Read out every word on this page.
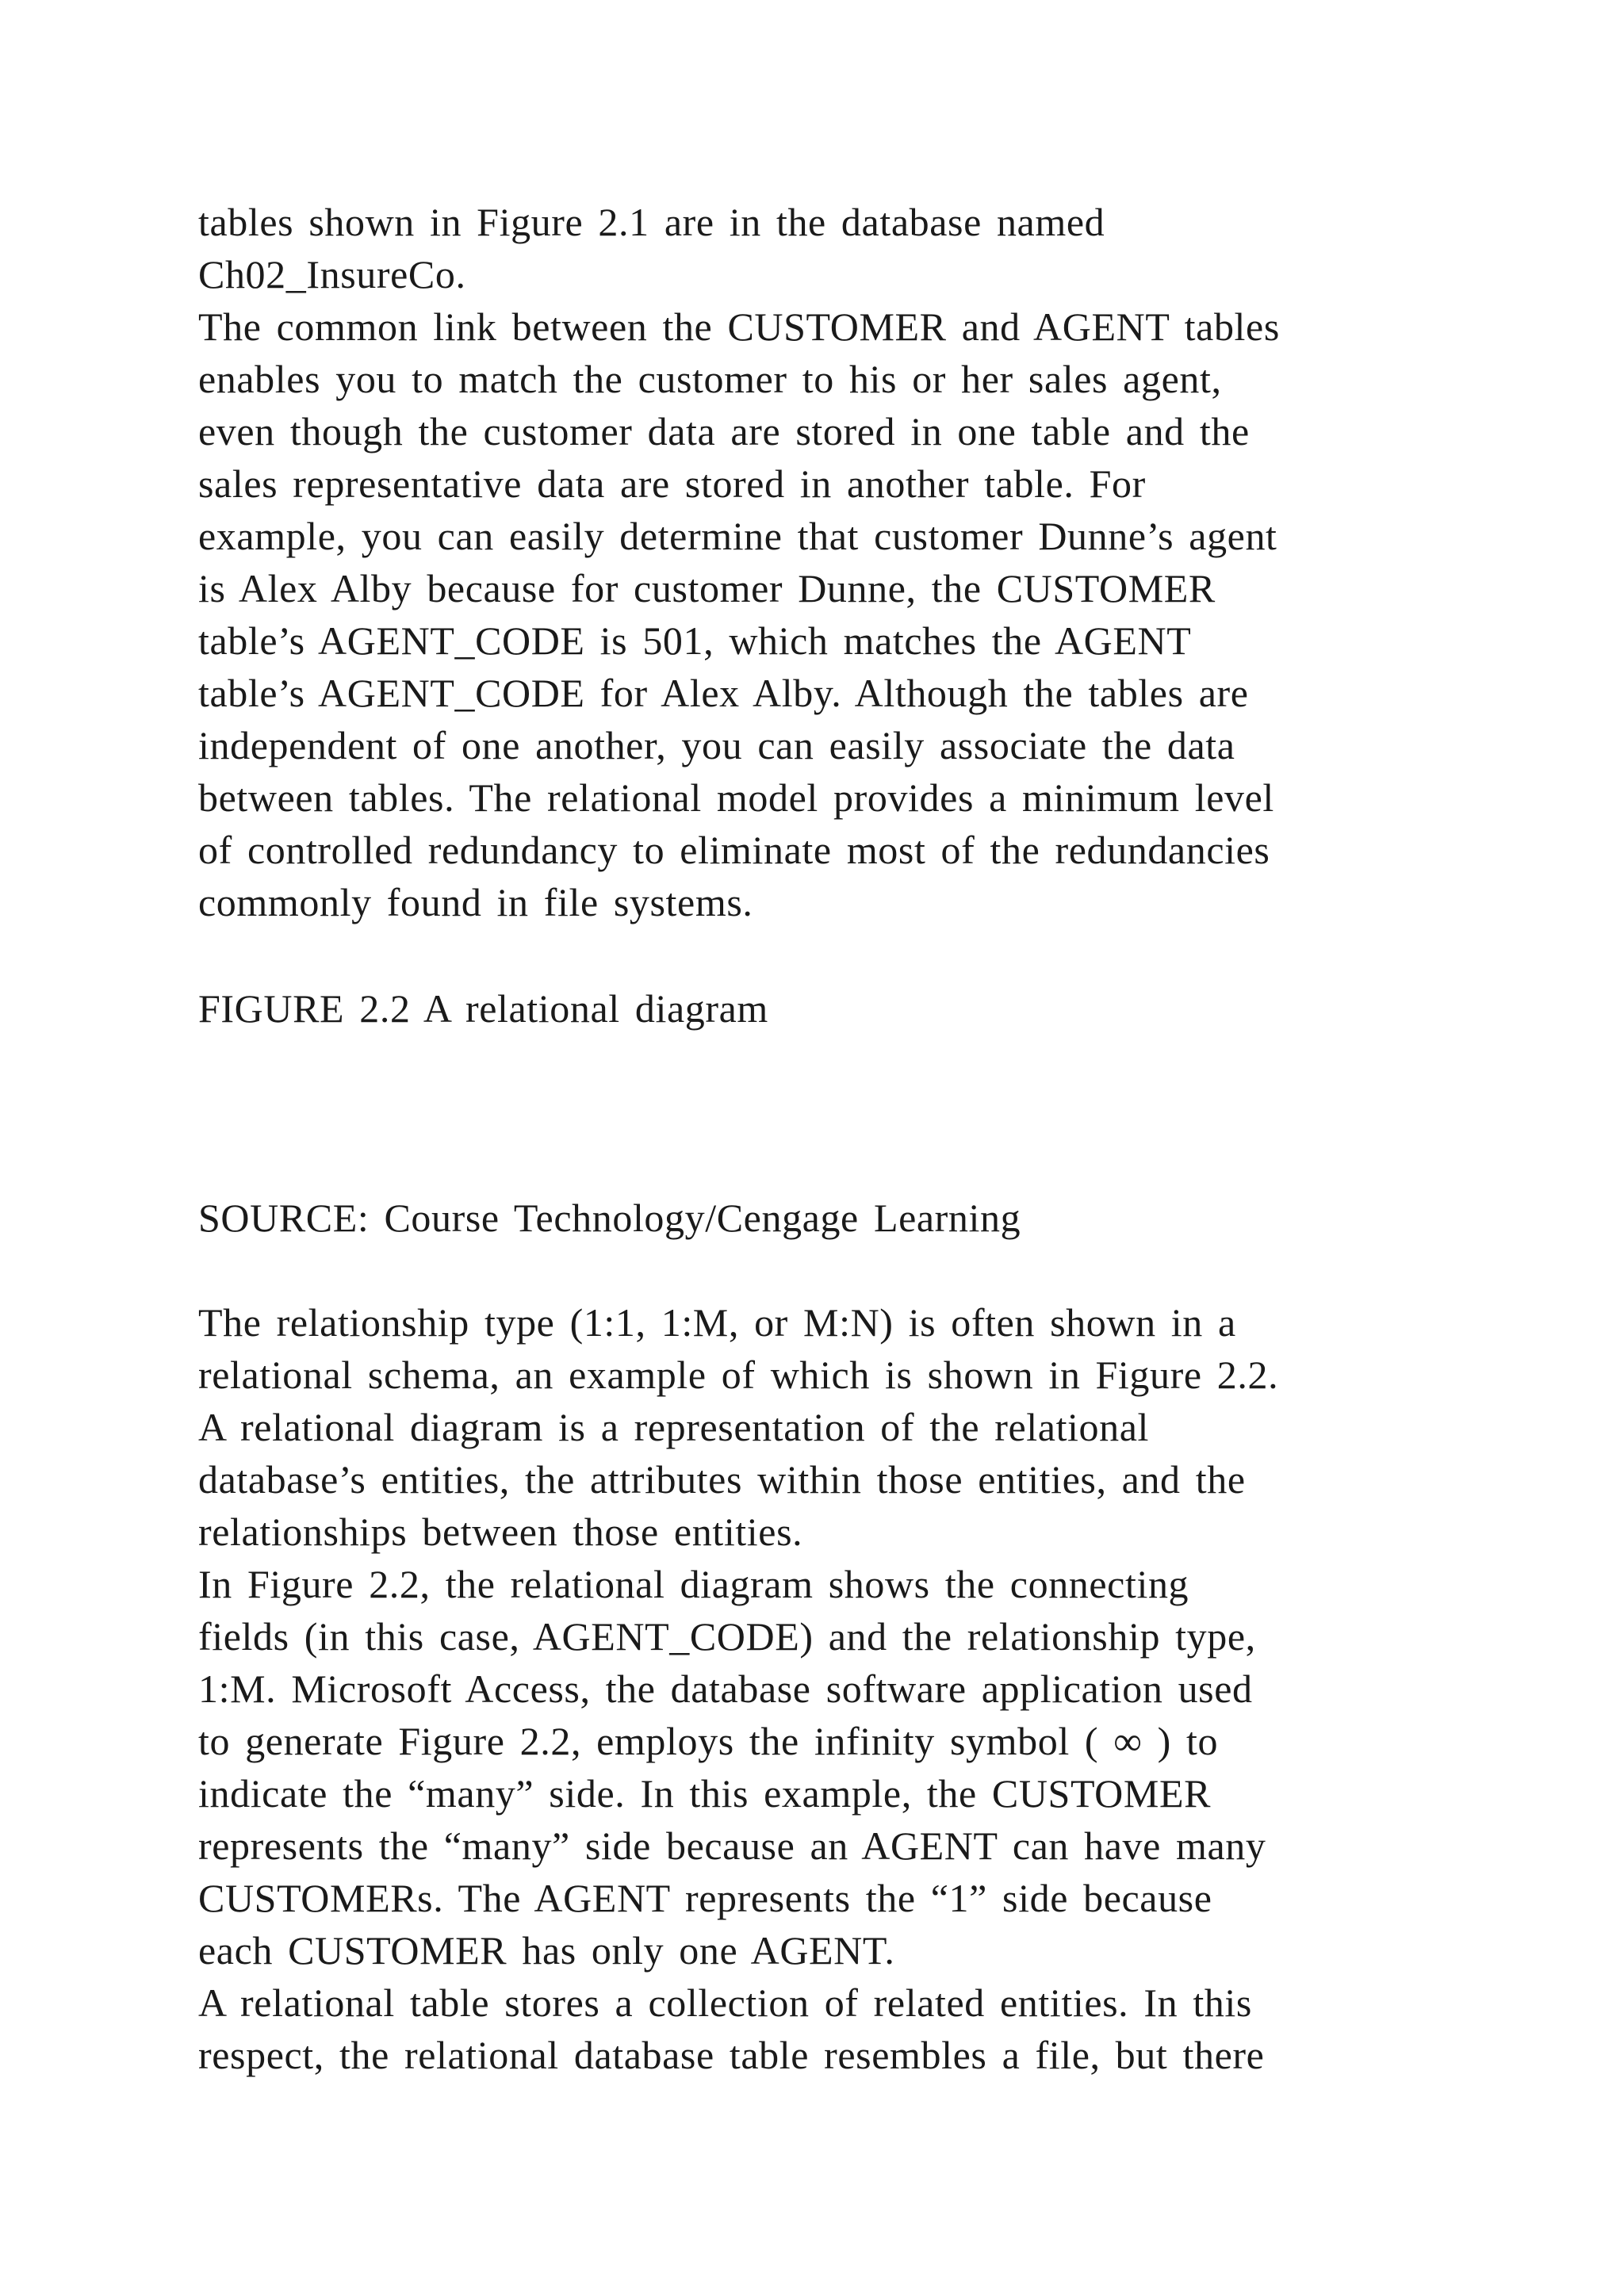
tables shown in Figure 2.1 are in the database named

Ch02_InsureCo.

The common link between the CUSTOMER and AGENT tables

enables you to match the customer to his or her sales agent,

even though the customer data are stored in one table and the

sales representative data are stored in another table. For

example, you can easily determine that customer Dunne’s agent

is Alex Alby because for customer Dunne, the CUSTOMER

table’s AGENT_CODE is 501, which matches the AGENT

table’s AGENT_CODE for Alex Alby. Although the tables are

independent of one another, you can easily associate the data

between tables. The relational model provides a minimum level

of controlled redundancy to eliminate most of the redundancies

commonly found in file systems.

FIGURE 2.2 A relational diagram

SOURCE: Course Technology/Cengage Learning

The relationship type (1:1, 1:M, or M:N) is often shown in a

relational schema, an example of which is shown in Figure 2.2.

A relational diagram is a representation of the relational

database’s entities, the attributes within those entities, and the

relationships between those entities.

In Figure 2.2, the relational diagram shows the connecting

fields (in this case, AGENT_CODE) and the relationship type,

1:M. Microsoft Access, the database software application used

to generate Figure 2.2, employs the infinity symbol ( ∞ ) to

indicate the “many” side. In this example, the CUSTOMER

represents the “many” side because an AGENT can have many

CUSTOMERs. The AGENT represents the “1” side because

each CUSTOMER has only one AGENT.

A relational table stores a collection of related entities. In this

respect, the relational database table resembles a file, but there
